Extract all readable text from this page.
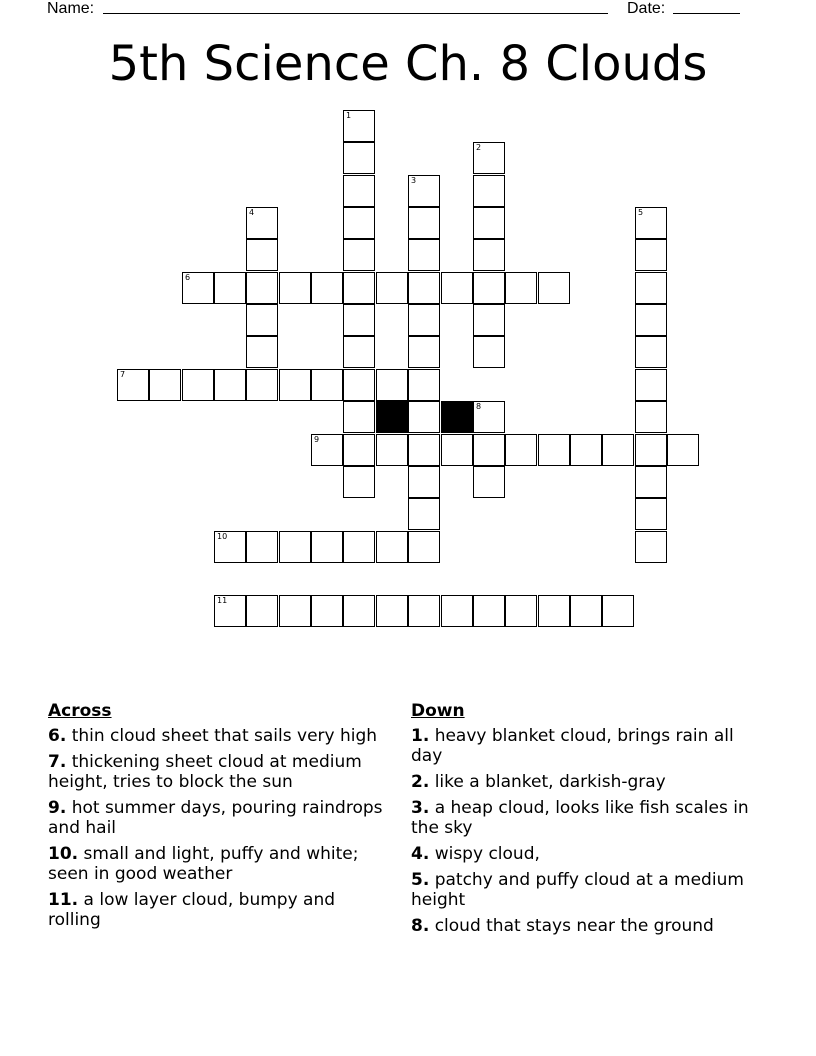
Name:	Date:
5th Science Ch. 8 Clouds
1
2
3
4	5
6
7
8
9
10
11
Across
6. thin cloud sheet that sails very high
7. thickening sheet cloud at medium height, tries to block the sun
9. hot summer days, pouring raindrops and hail
10. small and light, puffy and white; seen in good weather
11. a low layer cloud, bumpy and rolling
Down
1. heavy blanket cloud, brings rain all day
2. like a blanket, darkish-gray
3. a heap cloud, looks like fish scales in the sky
4. wispy cloud,
5. patchy and puffy cloud at a medium height
8. cloud that stays near the ground
